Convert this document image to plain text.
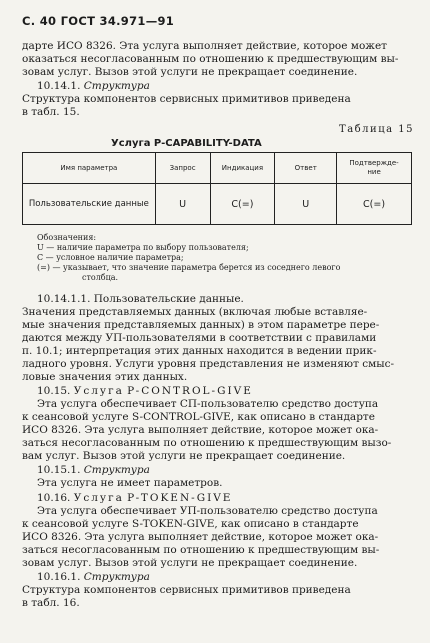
С. 40 ГОСТ 34.971—91
дарте ИСО 8326. Эта услуга выполняет действие, которое может
оказаться несогласованным по отношению к предшествующим вы-
зовам услуг. Вызов этой услуги не прекращает соединение.
10.14.1. Структура
Структура компонентов сервисных примитивов приведена
в табл. 15.
Таблица 15
Услуга P-CAPABILITY-DATA
Имя параметра	Запрос	Индикация	Ответ	Подтвержде-
ние
Пользовательские данные	U	C(=)	U	C(=)
Обозначения:
U — наличие параметра по выбору пользователя;
C — условное наличие параметра;
(=) — указывает, что значение параметра берется из соседнего левого
столбца.
10.14.1.1. Пользовательские данные.
Значения представляемых данных (включая любые вставляе-
мые значения представляемых данных) в этом параметре пере-
даются между УП-пользователями в соответствии с правилами
п. 10.1; интерпретация этих данных находится в ведении прик-
ладного уровня. Услуги уровня представления не изменяют смыс-
ловые значения этих данных.
10.15. Услуга P-CONTROL-GIVE
Эта услуга обеспечивает СП-пользователю средство доступа
к сеансовой услуге S-CONTROL-GIVE, как описано в стандарте
ИСО 8326. Эта услуга выполняет действие, которое может ока-
заться несогласованным по отношению к предшествующим вызо-
вам услуг. Вызов этой услуги не прекращает соединение.
10.15.1. Структура
Эта услуга не имеет параметров.
10.16. Услуга P-TOKEN-GIVE
Эта услуга обеспечивает УП-пользователю средство доступа
к сеансовой услуге S-TOKEN-GIVE, как описано в стандарте
ИСО 8326. Эта услуга выполняет действие, которое может ока-
заться несогласованным по отношению к предшествующим вы-
зовам услуг. Вызов этой услуги не прекращает соединение.
10.16.1. Структура
Структура компонентов сервисных примитивов приведена
в табл. 16.
